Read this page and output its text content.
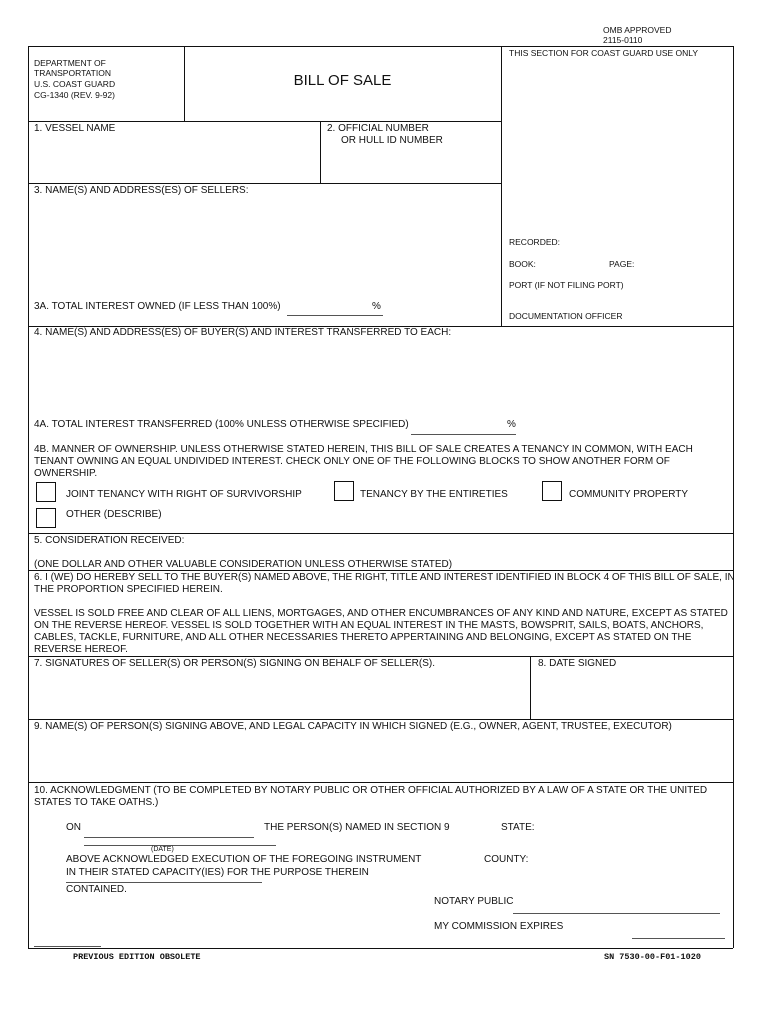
OMB APPROVED
2115-0110
DEPARTMENT OF
TRANSPORTATION
U.S. COAST GUARD
CG-1340 (REV. 9-92)
BILL OF SALE
THIS SECTION FOR COAST GUARD USE ONLY
RECORDED:
BOOK:	PAGE:
PORT (IF NOT FILING PORT)
DOCUMENTATION OFFICER
1. VESSEL NAME	2. OFFICIAL NUMBER
OR HULL ID NUMBER
3. NAME(S) AND ADDRESS(ES) OF SELLERS:
3A. TOTAL INTEREST OWNED (IF LESS THAN 100%)	%
4. NAME(S) AND ADDRESS(ES) OF BUYER(S) AND INTEREST TRANSFERRED TO EACH:
4A. TOTAL INTEREST TRANSFERRED (100% UNLESS OTHERWISE SPECIFIED)	%
4B. MANNER OF OWNERSHIP. UNLESS OTHERWISE STATED HEREIN, THIS BILL OF SALE CREATES A TENANCY IN COMMON, WITH EACH TENANT OWNING AN EQUAL UNDIVIDED INTEREST. CHECK ONLY ONE OF THE FOLLOWING BLOCKS TO SHOW ANOTHER FORM OF OWNERSHIP.
JOINT TENANCY WITH RIGHT OF SURVIVORSHIP	TENANCY BY THE ENTIRETIES	COMMUNITY PROPERTY
OTHER (DESCRIBE)
5. CONSIDERATION RECEIVED:
(ONE DOLLAR AND OTHER VALUABLE CONSIDERATION UNLESS OTHERWISE STATED)
6. I (WE) DO HEREBY SELL TO THE BUYER(S) NAMED ABOVE, THE RIGHT, TITLE AND INTEREST IDENTIFIED IN BLOCK 4 OF THIS BILL OF SALE, IN THE PROPORTION SPECIFIED HEREIN.
VESSEL IS SOLD FREE AND CLEAR OF ALL LIENS, MORTGAGES, AND OTHER ENCUMBRANCES OF ANY KIND AND NATURE, EXCEPT AS STATED ON THE REVERSE HEREOF. VESSEL IS SOLD TOGETHER WITH AN EQUAL INTEREST IN THE MASTS, BOWSPRIT, SAILS, BOATS, ANCHORS, CABLES, TACKLE, FURNITURE, AND ALL OTHER NECESSARIES THERETO APPERTAINING AND BELONGING, EXCEPT AS STATED ON THE REVERSE HEREOF.
7. SIGNATURES OF SELLER(S) OR PERSON(S) SIGNING ON BEHALF OF SELLER(S).	8. DATE SIGNED
9. NAME(S) OF PERSON(S) SIGNING ABOVE, AND LEGAL CAPACITY IN WHICH SIGNED (E.G., OWNER, AGENT, TRUSTEE, EXECUTOR)
10. ACKNOWLEDGMENT (TO BE COMPLETED BY NOTARY PUBLIC OR OTHER OFFICIAL AUTHORIZED BY A LAW OF A STATE OR THE UNITED STATES TO TAKE OATHS.)
ON	THE PERSON(S) NAMED IN SECTION 9	STATE:
(DATE)
ABOVE ACKNOWLEDGED EXECUTION OF THE FOREGOING INSTRUMENT	COUNTY:
IN THEIR STATED CAPACITY(IES) FOR THE PURPOSE THEREIN
CONTAINED.
NOTARY PUBLIC
MY COMMISSION EXPIRES
PREVIOUS EDITION OBSOLETE	SN 7530-00-F01-1020
